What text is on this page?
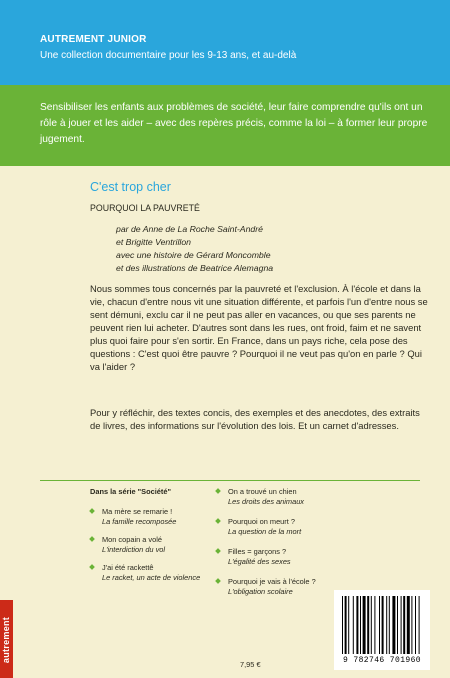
AUTREMENT JUNIOR
Une collection documentaire pour les 9-13 ans, et au-delà
Sensibiliser les enfants aux problèmes de société, leur faire comprendre qu'ils ont un rôle à jouer et les aider – avec des repères précis, comme la loi – à former leur propre jugement.
C'est trop cher
POURQUOI LA PAUVRETÉ
par de Anne de La Roche Saint-André
et Brigitte Ventrillon
avec une histoire de Gérard Moncomble
et des illustrations de Beatrice Alemagna
Nous sommes tous concernés par la pauvreté et l'exclusion. À l'école et dans la vie, chacun d'entre nous vit une situation différente, et parfois l'un d'entre nous se sent démuni, exclu car il ne peut pas aller en vacances, ou que ses parents ne peuvent rien lui acheter. D'autres sont dans les rues, ont froid, faim et ne savent plus quoi faire pour s'en sortir. En France, dans un pays riche, cela pose des questions : C'est quoi être pauvre ? Pourquoi il ne veut pas qu'on en parle ? Qui va l'aider ?
Pour y réfléchir, des textes concis, des exemples et des anecdotes, des extraits de livres, des informations sur l'évolution des lois. Et un carnet d'adresses.
Dans la série "Société"
Ma mère se remarie !
La famille recomposée
Mon copain a volé
L'interdiction du vol
J'ai été rackettê
Le racket, un acte de violence
On a trouvé un chien
Les droits des animaux
Pourquoi on meurt ?
La question de la mort
Filles = garçons ?
L'égalité des sexes
Pourquoi je vais à l'école ?
L'obligation scolaire
7,95 €
autrement	9 782746 701960
